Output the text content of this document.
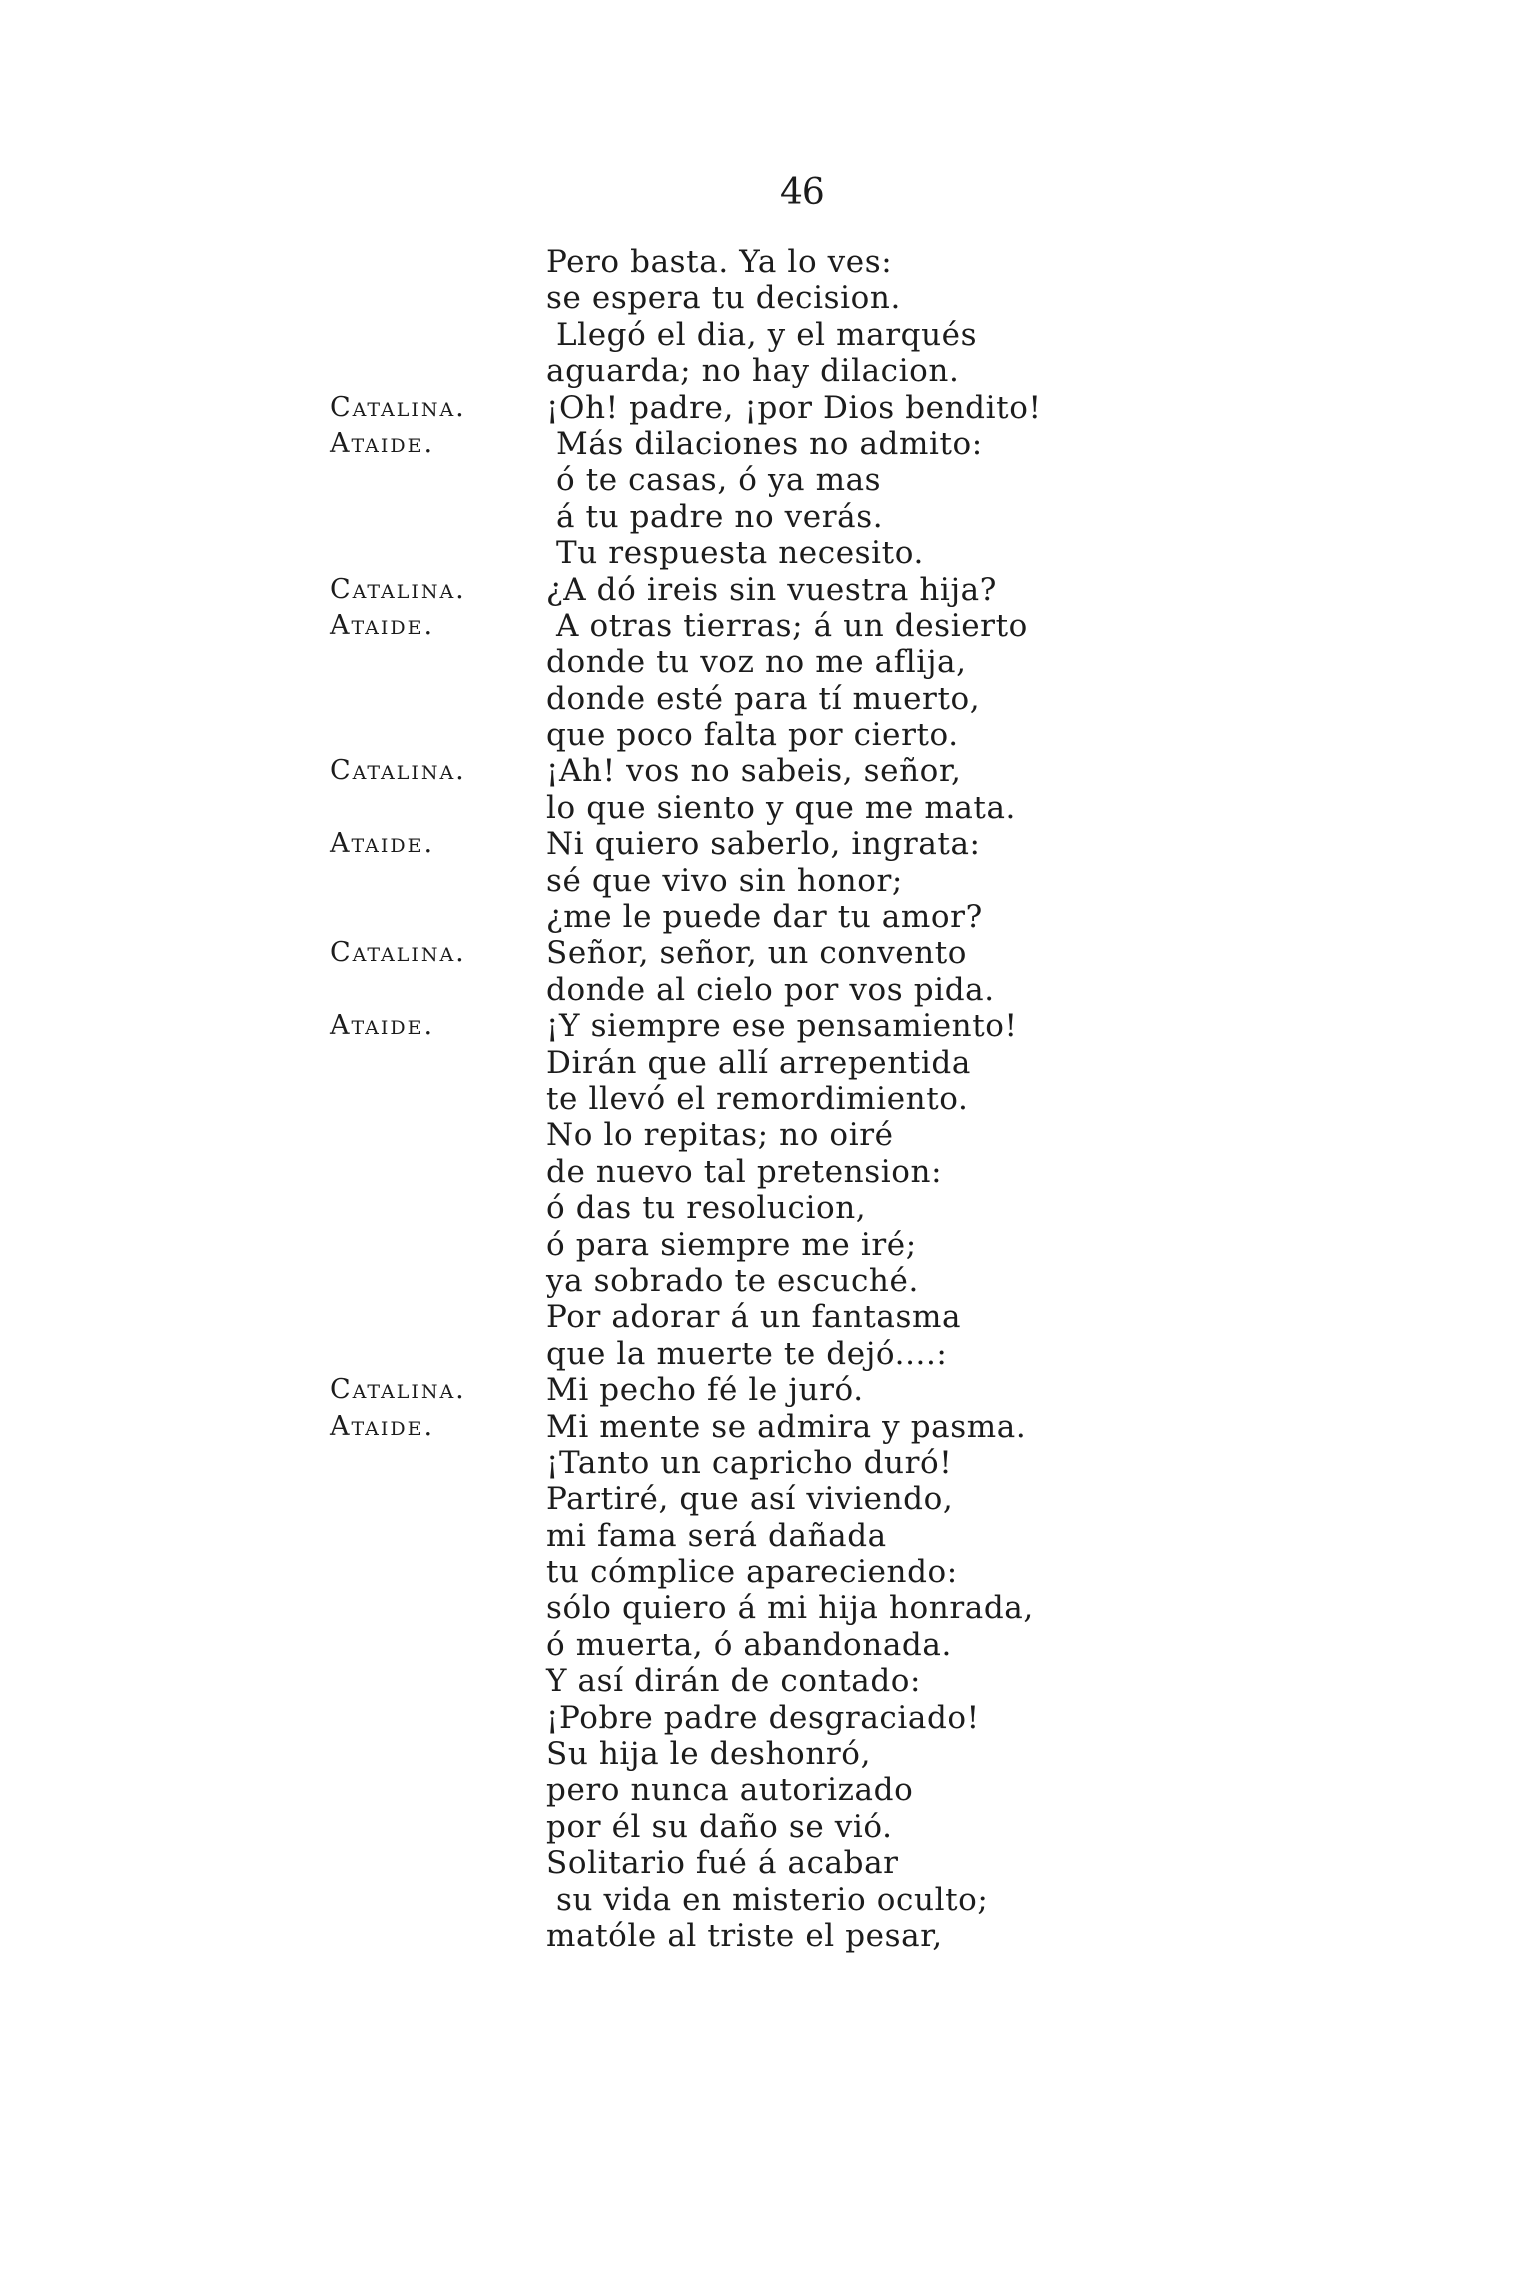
46
Pero basta. Ya lo ves:
se espera tu decision.
Llegó el dia, y el marqués
aguarda; no hay dilacion.
Catalina.	¡Oh! padre, ¡por Dios bendito!
Ataide.	Más dilaciones no admito:
ó te casas, ó ya mas
á tu padre no verás.
Tu respuesta necesito.
Catalina.	¿A dó ireis sin vuestra hija?
Ataide.	A otras tierras; á un desierto
donde tu voz no me aflija,
donde esté para tí muerto,
que poco falta por cierto.
Catalina.	¡Ah! vos no sabeis, señor,
lo que siento y que me mata.
Ataide.	Ni quiero saberlo, ingrata:
sé que vivo sin honor;
¿me le puede dar tu amor?
Catalina.	Señor, señor, un convento
donde al cielo por vos pida.
Ataide.	¡Y siempre ese pensamiento!
Dirán que allí arrepentida
te llevó el remordimiento.
No lo repitas; no oiré
de nuevo tal pretension:
ó das tu resolucion,
ó para siempre me iré;
ya sobrado te escuché.
Por adorar á un fantasma
que la muerte te dejó....:
Catalina.	Mi pecho fé le juró.
Ataide.	Mi mente se admira y pasma.
¡Tanto un capricho duró!
Partiré, que así viviendo,
mi fama será dañada
tu cómplice apareciendo:
sólo quiero á mi hija honrada,
ó muerta, ó abandonada.
Y así dirán de contado:
¡Pobre padre desgraciado!
Su hija le deshonró,
pero nunca autorizado
por él su daño se vió.
Solitario fué á acabar
su vida en misterio oculto;
matóle al triste el pesar,
